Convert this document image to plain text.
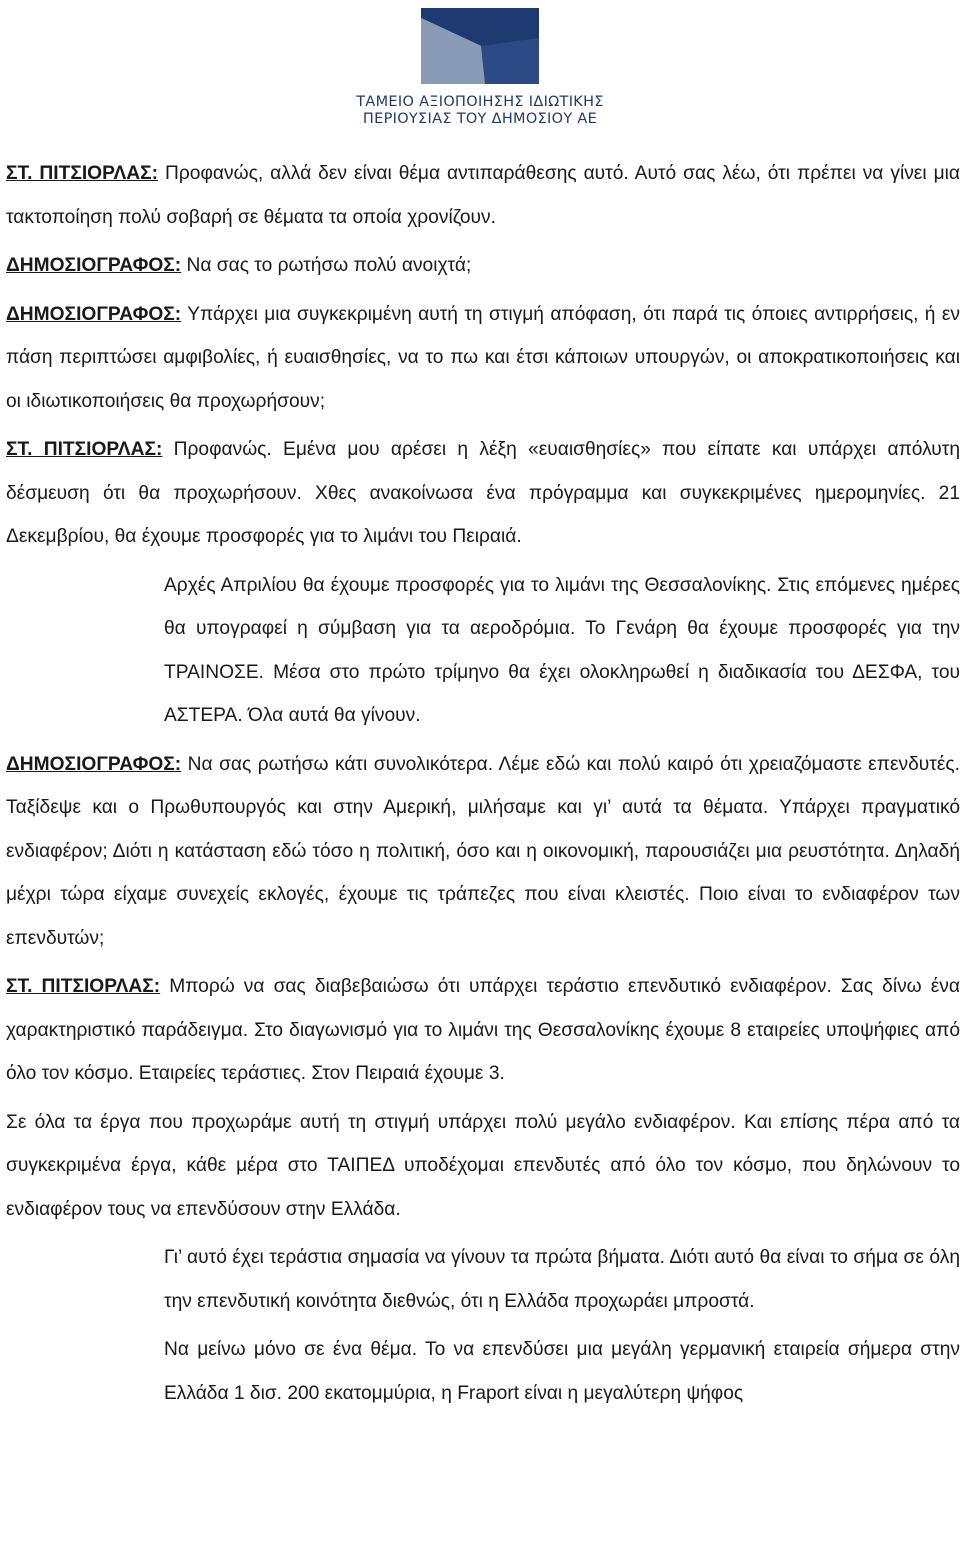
ΤΑΜΕΙΟ ΑΞΙΟΠΟΙΗΣΗΣ ΙΔΙΩΤΙΚΗΣ
ΠΕΡΙΟΥΣΙΑΣ ΤΟΥ ΔΗΜΟΣΙΟΥ ΑΕ

ΣΤ. ΠΙΤΣΙΟΡΛΑΣ: Προφανώς, αλλά δεν είναι θέμα αντιπαράθεσης αυτό. Αυτό σας λέω, ότι πρέπει να γίνει μια τακτοποίηση πολύ σοβαρή σε θέματα τα οποία χρονίζουν.

ΔΗΜΟΣΙΟΓΡΑΦΟΣ: Να σας το ρωτήσω πολύ ανοιχτά;

ΔΗΜΟΣΙΟΓΡΑΦΟΣ: Υπάρχει μια συγκεκριμένη αυτή τη στιγμή απόφαση, ότι παρά τις όποιες αντιρρήσεις, ή εν πάση περιπτώσει αμφιβολίες, ή ευαισθησίες, να το πω και έτσι κάποιων υπουργών, οι αποκρατικοποιήσεις και οι ιδιωτικοποιήσεις θα προχωρήσουν;

ΣΤ. ΠΙΤΣΙΟΡΛΑΣ: Προφανώς. Εμένα μου αρέσει η λέξη «ευαισθησίες» που είπατε και υπάρχει απόλυτη δέσμευση ότι θα προχωρήσουν. Χθες ανακοίνωσα ένα πρόγραμμα και συγκεκριμένες ημερομηνίες. 21 Δεκεμβρίου, θα έχουμε προσφορές για το λιμάνι του Πειραιά.

Αρχές Απριλίου θα έχουμε προσφορές για το λιμάνι της Θεσσαλονίκης. Στις επόμενες ημέρες θα υπογραφεί η σύμβαση για τα αεροδρόμια. Το Γενάρη θα έχουμε προσφορές για την ΤΡΑΙΝΟΣΕ. Μέσα στο πρώτο τρίμηνο θα έχει ολοκληρωθεί η διαδικασία του ΔΕΣΦΑ, του ΑΣΤΕΡΑ. Όλα αυτά θα γίνουν.

ΔΗΜΟΣΙΟΓΡΑΦΟΣ: Να σας ρωτήσω κάτι συνολικότερα. Λέμε εδώ και πολύ καιρό ότι χρειαζόμαστε επενδυτές. Ταξίδεψε και ο Πρωθυπουργός και στην Αμερική, μιλήσαμε και γι’ αυτά τα θέματα. Υπάρχει πραγματικό ενδιαφέρον; Διότι η κατάσταση εδώ τόσο η πολιτική, όσο και η οικονομική, παρουσιάζει μια ρευστότητα. Δηλαδή μέχρι τώρα είχαμε συνεχείς εκλογές, έχουμε τις τράπεζες που είναι κλειστές. Ποιο είναι το ενδιαφέρον των επενδυτών;

ΣΤ. ΠΙΤΣΙΟΡΛΑΣ: Μπορώ να σας διαβεβαιώσω ότι υπάρχει τεράστιο επενδυτικό ενδιαφέρον. Σας δίνω ένα χαρακτηριστικό παράδειγμα. Στο διαγωνισμό για το λιμάνι της Θεσσαλονίκης έχουμε 8 εταιρείες υποψήφιες από όλο τον κόσμο. Εταιρείες τεράστιες. Στον Πειραιά έχουμε 3.

Σε όλα τα έργα που προχωράμε αυτή τη στιγμή υπάρχει πολύ μεγάλο ενδιαφέρον. Και επίσης πέρα από τα συγκεκριμένα έργα, κάθε μέρα στο ΤΑΙΠΕΔ υποδέχομαι επενδυτές από όλο τον κόσμο, που δηλώνουν το ενδιαφέρον τους να επενδύσουν στην Ελλάδα.

Γι’ αυτό έχει τεράστια σημασία να γίνουν τα πρώτα βήματα. Διότι αυτό θα είναι το σήμα σε όλη την επενδυτική κοινότητα διεθνώς, ότι η Ελλάδα προχωράει μπροστά.

Να μείνω μόνο σε ένα θέμα. Το να επενδύσει μια μεγάλη γερμανική εταιρεία σήμερα στην Ελλάδα 1 δισ. 200 εκατομμύρια, η Fraport είναι η μεγαλύτερη ψήφος
